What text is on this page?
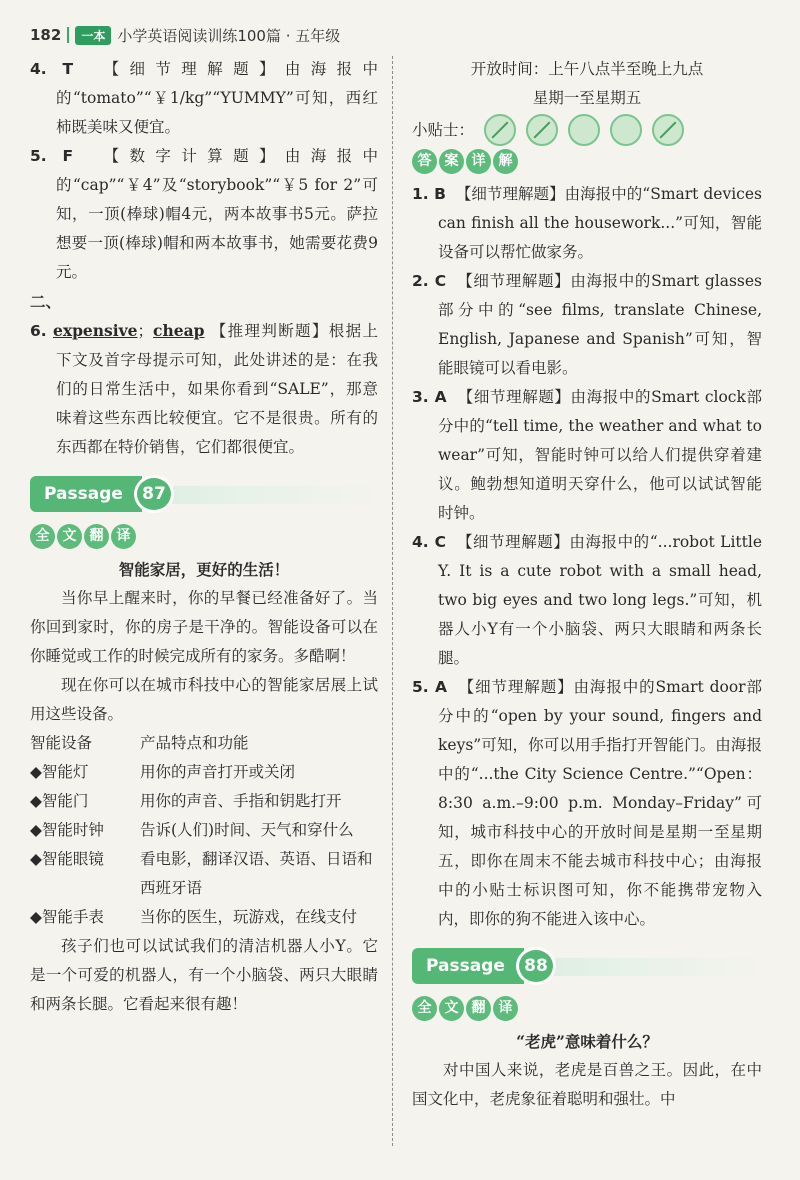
182	一本 小学英语阅读训练100篇 · 五年级
4. T 【细节理解题】由海报中的“tomato”“￥1/kg”“YUMMY”可知，西红柿既美味又便宜。
5. F 【数字计算题】由海报中的“cap”“￥4”及“storybook”“￥5 for 2”可知，一顶(棒球)帽4元，两本故事书5元。萨拉想要一顶(棒球)帽和两本故事书，她需要花费9元。

二、

6. expensive；cheap 【推理判断题】根据上下文及首字母提示可知，此处讲述的是：在我们的日常生活中，如果你看到“SALE”，那意味着这些东西比较便宜。它不是很贵。所有的东西都在特价销售，它们都很便宜。
Passage	87
全 文 翻 译

智能家居，更好的生活！

当你早上醒来时，你的早餐已经准备好了。当你回到家时，你的房子是干净的。智能设备可以在你睡觉或工作的时候完成所有的家务。多酷啊！

现在你可以在城市科技中心的智能家居展上试用这些设备。

智能设备	产品特点和功能
◆智能灯	用你的声音打开或关闭
◆智能门	用你的声音、手指和钥匙打开
◆智能时钟	告诉(人们)时间、天气和穿什么
◆智能眼镜	看电影，翻译汉语、英语、日语和西班牙语
◆智能手表	当你的医生，玩游戏，在线支付

孩子们也可以试试我们的清洁机器人小Y。它是一个可爱的机器人，有一个小脑袋、两只大眼睛和两条长腿。它看起来很有趣！

开放时间：上午八点半至晚上九点

星期一至星期五

小贴士：
答 案 详 解
1. B 【细节理解题】由海报中的“Smart devices can finish all the housework...”可知，智能设备可以帮忙做家务。
2. C 【细节理解题】由海报中的Smart glasses部分中的“see films, translate Chinese, English, Japanese and Spanish”可知，智能眼镜可以看电影。
3. A 【细节理解题】由海报中的Smart clock部分中的“tell time, the weather and what to wear”可知，智能时钟可以给人们提供穿着建议。鲍勃想知道明天穿什么，他可以试试智能时钟。
4. C 【细节理解题】由海报中的“...robot Little Y. It is a cute robot with a small head, two big eyes and two long legs.”可知，机器人小Y有一个小脑袋、两只大眼睛和两条长腿。
5. A 【细节理解题】由海报中的Smart door部分中的“open by your sound, fingers and keys”可知，你可以用手指打开智能门。由海报中的“...the City Science Centre.”“Open：8:30 a.m.–9:00 p.m. Monday–Friday”可知，城市科技中心的开放时间是星期一至星期五，即你在周末不能去城市科技中心；由海报中的小贴士标识图可知，你不能携带宠物入内，即你的狗不能进入该中心。
Passage	88
全 文 翻 译

“老虎”意味着什么？

对中国人来说，老虎是百兽之王。因此，在中国文化中，老虎象征着聪明和强壮。中
